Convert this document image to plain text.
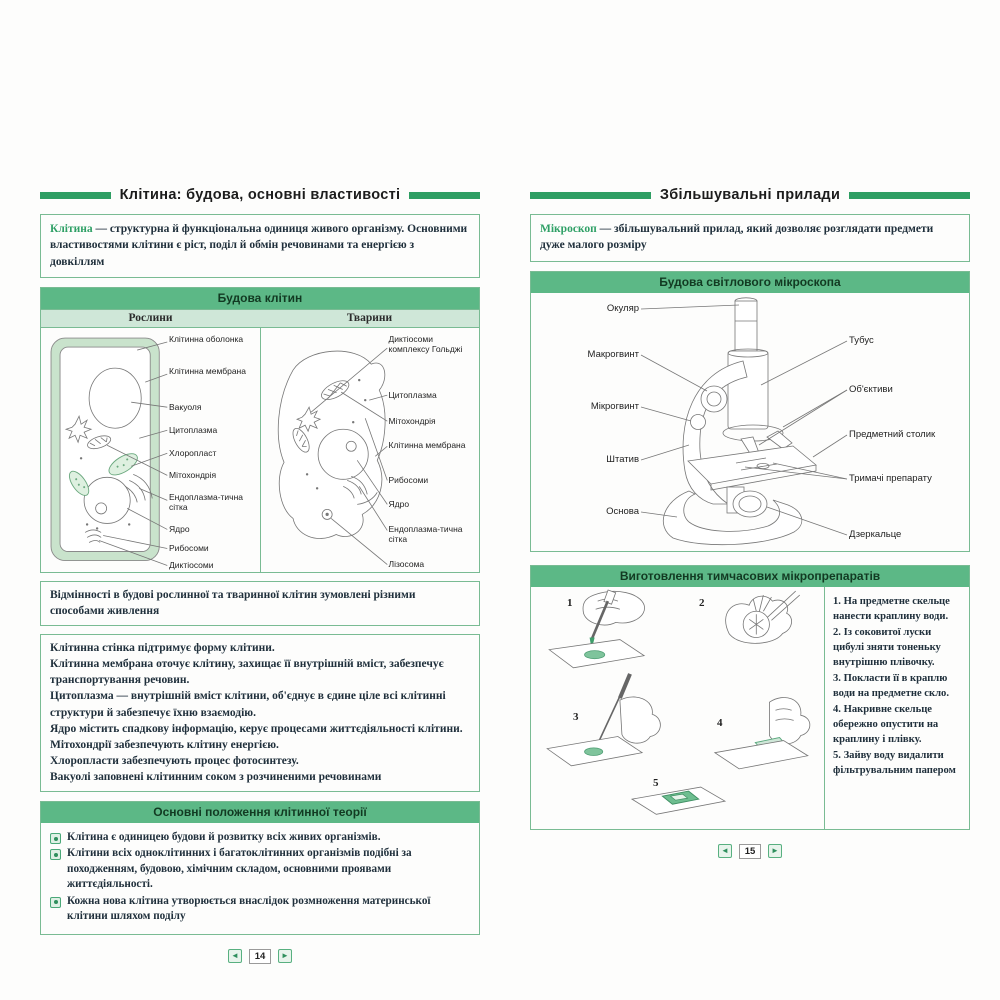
Клітина: будова, основні властивості
Клітина — структурна й функціональна одиниця живого організму. Основними властивостями клітини є ріст, поділ й обмін речовинами та енергією з довкіллям
Будова клітин
Рослини	Тварини
Клітинна оболонка
Клітинна мембрана
Вакуоля
Цитоплазма
Хлоропласт
Мітохондрія
Ендоплазма-тична сітка
Ядро
Рибосоми
Диктіосоми
Диктіосоми комплексу Гольджі
Цитоплазма
Мітохондрія
Клітинна мембрана
Рибосоми
Ядро
Ендоплазма-тична сітка
Лізосома
Відмінності в будові рослинної та тваринної клітин зумовлені різними способами живлення
Клітинна стінка підтримує форму клітини.
Клітинна мембрана оточує клітину, захищає її внутрішній вміст, забезпечує транспортування речовин.
Цитоплазма — внутрішній вміст клітини, об'єднує в єдине ціле всі клітинні структури й забезпечує їхню взаємодію.
Ядро містить спадкову інформацію, керує процесами життєдіяльності клітини.
Мітохондрії забезпечують клітину енергією.
Хлоропласти забезпечують процес фотосинтезу.
Вакуолі заповнені клітинним соком з розчиненими речовинами
Основні положення клітинної теорії
Клітина є одиницею будови й розвитку всіх живих організмів.
Клітини всіх одноклітинних і багатоклітинних організмів подібні за походженням, будовою, хімічним складом, основними проявами життєдіяльності.
Кожна нова клітина утворюється внаслідок розмноження материнської клітини шляхом поділу
◄	14	►
Збільшувальні прилади
Мікроскоп — збільшувальний прилад, який дозволяє розглядати предмети дуже малого розміру
Будова світлового мікроскопа
Окуляр
Макрогвинт
Мікрогвинт
Штатив
Основа
Тубус
Об'єктиви
Предметний столик
Тримачі препарату
Дзеркальце
Виготовлення тимчасових мікропрепаратів
1	2
3	4
5
1. На предметне скельце нанести краплину води.
2. Із соковитої луски цибулі зняти тоненьку внутрішню плівочку.
3. Покласти її в краплю води на предметне скло.
4. Накривне скельце обережно опустити на краплину і плівку.
5. Зайву воду видалити фільтрувальним папером
◄	15	►
